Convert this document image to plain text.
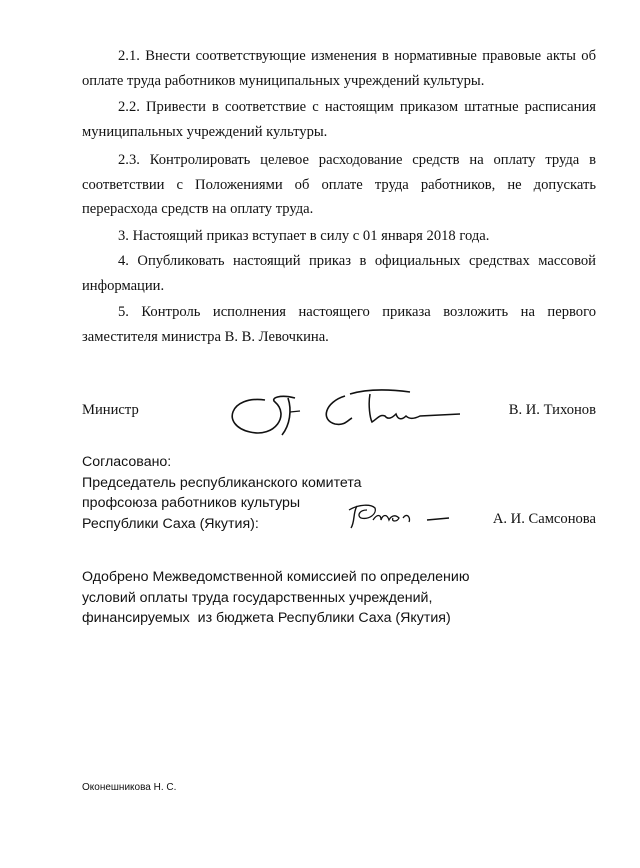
2.1. Внести соответствующие изменения в нормативные правовые акты об оплате труда работников муниципальных учреждений культуры.

2.2. Привести в соответствие с настоящим приказом штатные расписания муниципальных учреждений культуры.

2.3. Контролировать целевое расходование средств на оплату труда в соответствии с Положениями об оплате труда работников, не допускать перерасхода средств на оплату труда.

3. Настоящий приказ вступает в силу с 01 января 2018 года.

4. Опубликовать настоящий приказ в официальных средствах массовой информации.

5. Контроль исполнения настоящего приказа возложить на первого заместителя министра В. В. Левочкина.

Министр	В. И. Тихонов
Согласовано:
Председатель республиканского комитета
профсоюза работников культуры
Республики Саха (Якутия):	А. И. Самсонова
Одобрено Межведомственной комиссией по определению
условий оплаты труда государственных учреждений,
финансируемых  из бюджета Республики Саха (Якутия)
Оконешникова Н. С.
